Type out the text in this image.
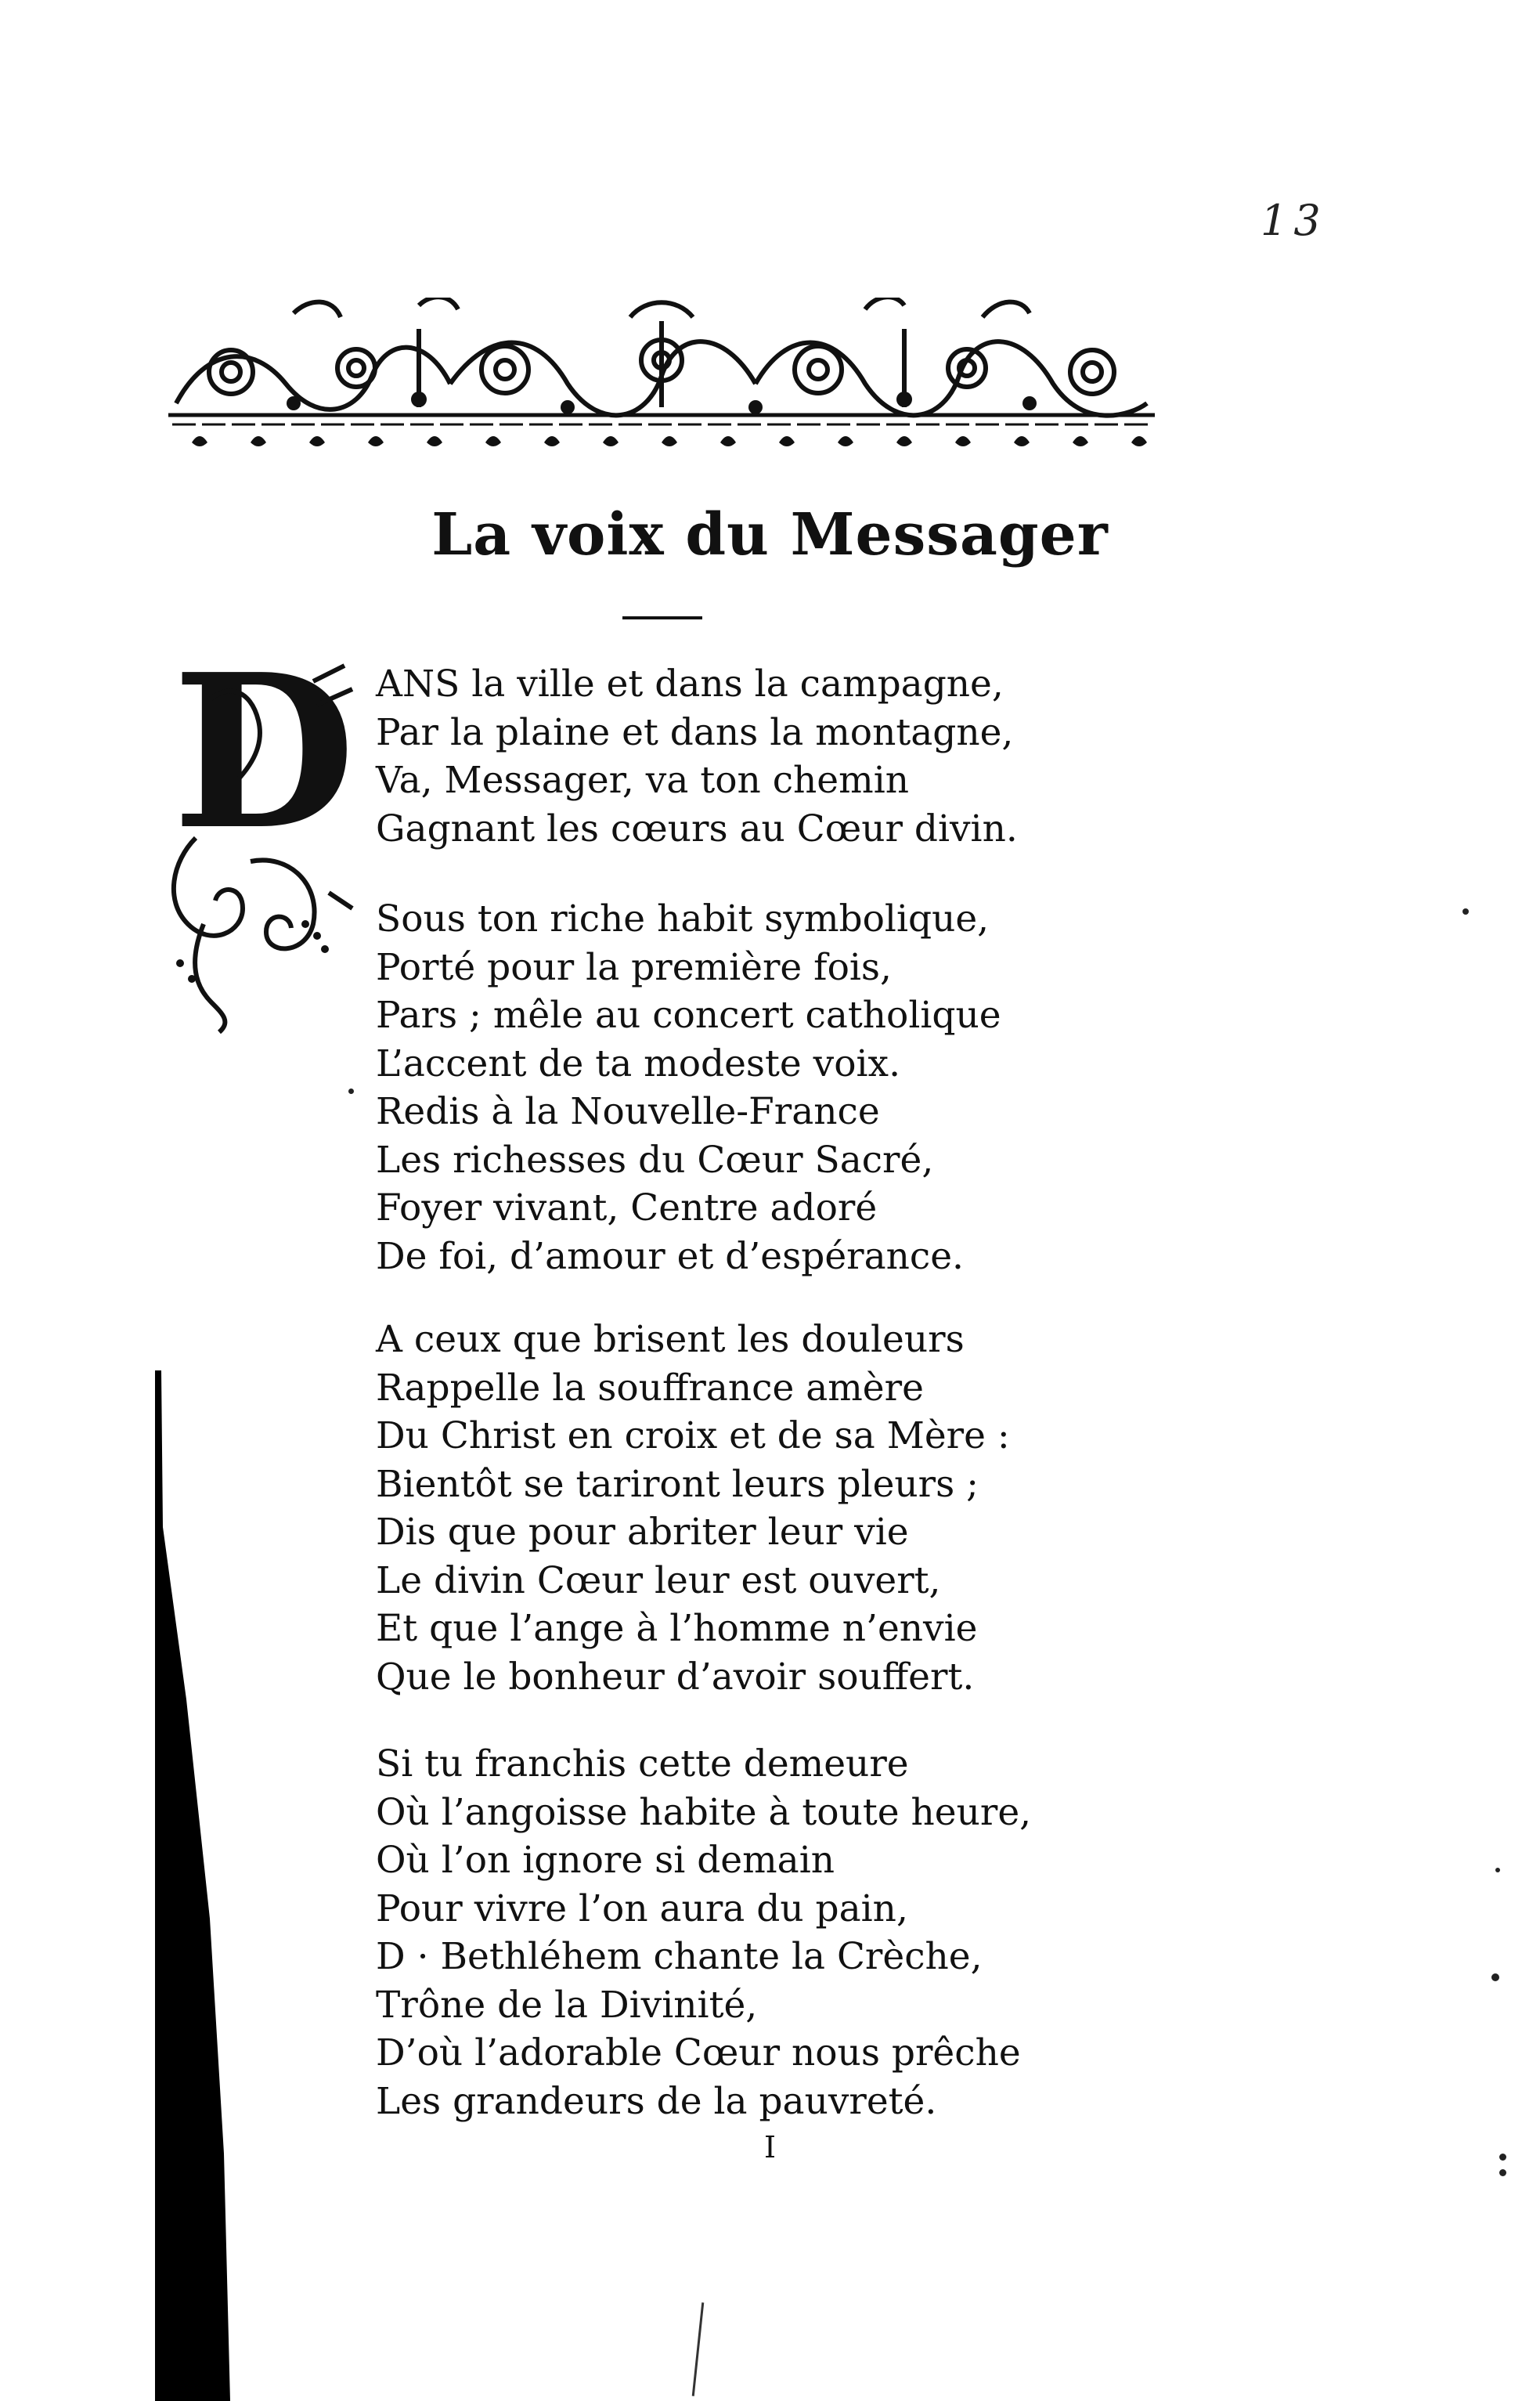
13
La voix du Messager
D ANS la ville et dans la campagne,
Par la plaine et dans la montagne,
Va, Messager, va ton chemin
Gagnant les cœurs au Cœur divin.
Sous ton riche habit symbolique,
Porté pour la première fois,
Pars ; mêle au concert catholique
L’accent de ta modeste voix.
Redis à la Nouvelle-France
Les richesses du Cœur Sacré,
Foyer vivant, Centre adoré
De foi, d’amour et d’espérance.
A ceux que brisent les douleurs
Rappelle la souffrance amère
Du Christ en croix et de sa Mère :
Bientôt se tariront leurs pleurs ;
Dis que pour abriter leur vie
Le divin Cœur leur est ouvert,
Et que l’ange à l’homme n’envie
Que le bonheur d’avoir souffert.
Si tu franchis cette demeure
Où l’angoisse habite à toute heure,
Où l’on ignore si demain
Pour vivre l’on aura du pain,
D · Bethléhem chante la Crèche,
Trône de la Divinité,
D’où l’adorable Cœur nous prêche
Les grandeurs de la pauvreté.
I
